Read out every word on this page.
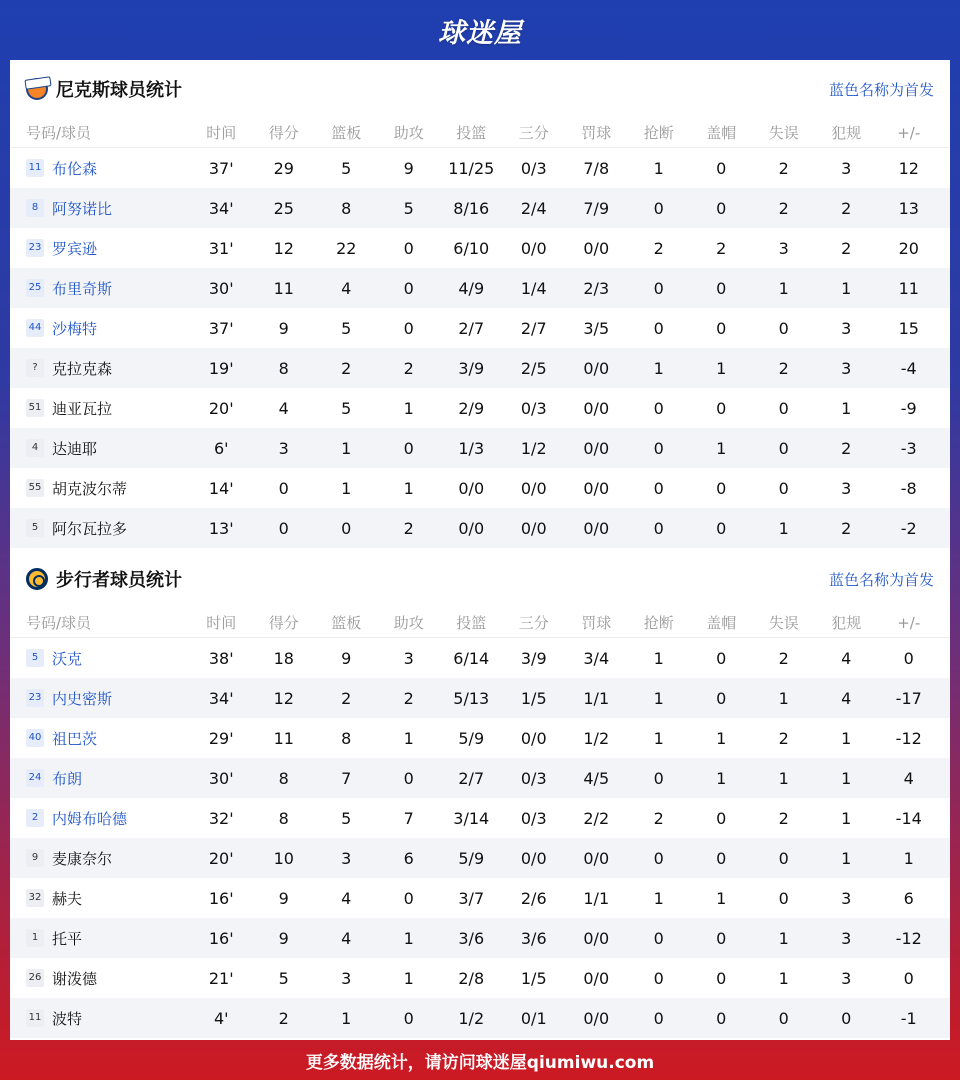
球迷屋
尼克斯球员统计	蓝色名称为首发
号码/球员	时间	得分	篮板	助攻	投篮	三分	罚球	抢断	盖帽	失误	犯规	+/-
11 布伦森	37'	29	5	9	11/25	0/3	7/8	1	0	2	3	12
8 阿努诺比	34'	25	8	5	8/16	2/4	7/9	0	0	2	2	13
23 罗宾逊	31'	12	22	0	6/10	0/0	0/0	2	2	3	2	20
25 布里奇斯	30'	11	4	0	4/9	1/4	2/3	0	0	1	1	11
44 沙梅特	37'	9	5	0	2/7	2/7	3/5	0	0	0	3	15
? 克拉克森	19'	8	2	2	3/9	2/5	0/0	1	1	2	3	-4
51 迪亚瓦拉	20'	4	5	1	2/9	0/3	0/0	0	0	0	1	-9
4 达迪耶	6'	3	1	0	1/3	1/2	0/0	0	1	0	2	-3
55 胡克波尔蒂	14'	0	1	1	0/0	0/0	0/0	0	0	0	3	-8
5 阿尔瓦拉多	13'	0	0	2	0/0	0/0	0/0	0	0	1	2	-2
步行者球员统计	蓝色名称为首发
号码/球员	时间	得分	篮板	助攻	投篮	三分	罚球	抢断	盖帽	失误	犯规	+/-
5 沃克	38'	18	9	3	6/14	3/9	3/4	1	0	2	4	0
23 内史密斯	34'	12	2	2	5/13	1/5	1/1	1	0	1	4	-17
40 祖巴茨	29'	11	8	1	5/9	0/0	1/2	1	1	2	1	-12
24 布朗	30'	8	7	0	2/7	0/3	4/5	0	1	1	1	4
2 内姆布哈德	32'	8	5	7	3/14	0/3	2/2	2	0	2	1	-14
9 麦康奈尔	20'	10	3	6	5/9	0/0	0/0	0	0	0	1	1
32 赫夫	16'	9	4	0	3/7	2/6	1/1	1	1	0	3	6
1 托平	16'	9	4	1	3/6	3/6	0/0	0	0	1	3	-12
26 谢泼德	21'	5	3	1	2/8	1/5	0/0	0	0	1	3	0
11 波特	4'	2	1	0	1/2	0/1	0/0	0	0	0	0	-1
更多数据统计，请访问球迷屋qiumiwu.com
